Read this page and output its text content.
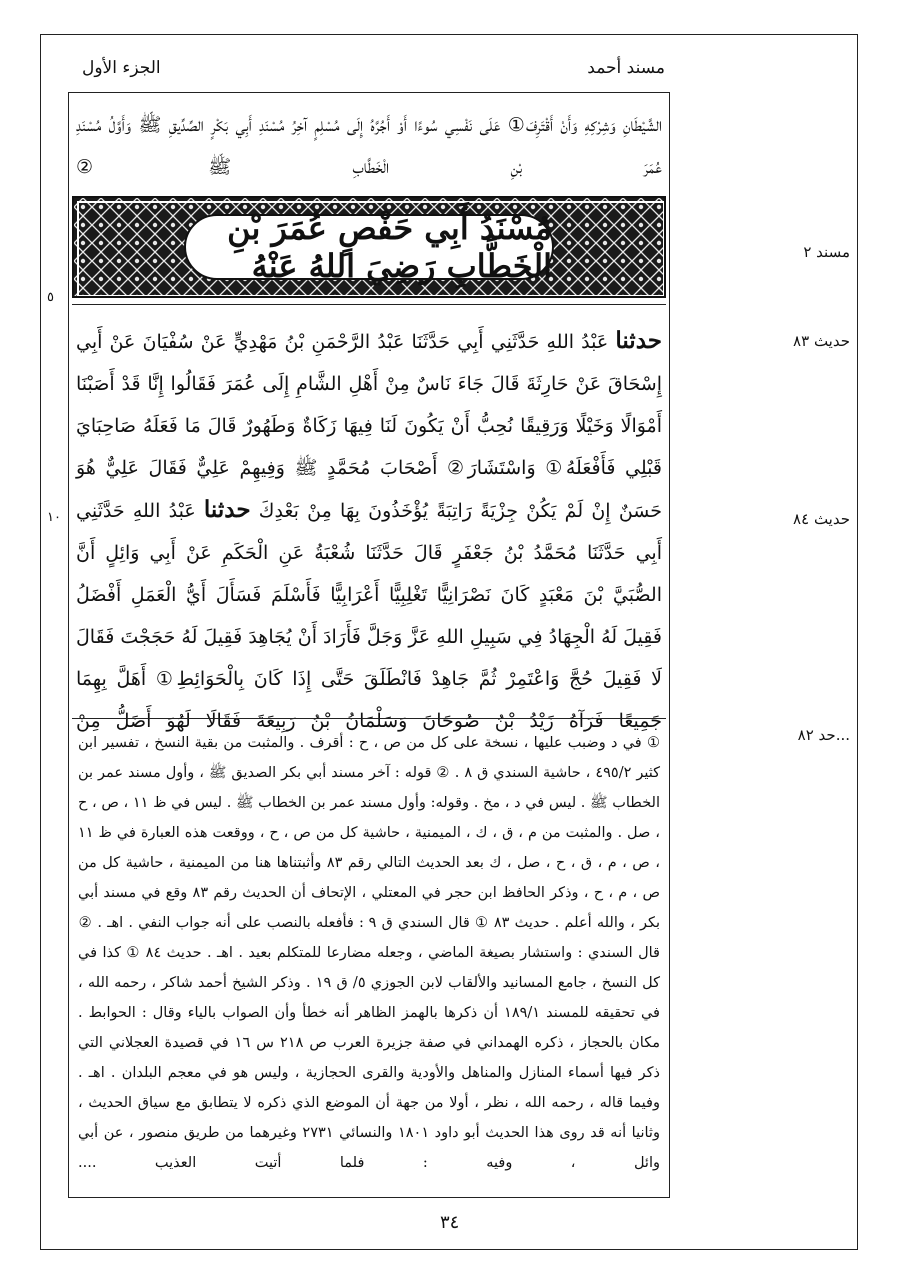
مسند أحمد
الجزء الأول
الشَّيْطَانِ وَشِرْكِهِ وَأَنْ أَقْتَرِفَ① عَلَى نَفْسِي سُوءًا أَوْ أَجُرَّهُ إِلَى مُسْلِمٍ آخِرُ مُسْنَدِ أَبِي بَكْرٍ الصِّدِّيقِ ﷺ وَأَوَّلُ مُسْنَدِ عُمَرَ بْنِ الْخَطَّابِ ﷺ②
مُسْنَدُ أَبِي حَفْصٍ عُمَرَ بْنِ الْخَطَّابِ رَضِيَ اللهُ عَنْهُ
حدثنا عَبْدُ اللهِ حَدَّثَنِي أَبِي حَدَّثَنَا عَبْدُ الرَّحْمَنِ بْنُ مَهْدِيٍّ عَنْ سُفْيَانَ عَنْ أَبِي إِسْحَاقَ عَنْ حَارِثَةَ قَالَ جَاءَ نَاسٌ مِنْ أَهْلِ الشَّامِ إِلَى عُمَرَ فَقَالُوا إِنَّا قَدْ أَصَبْنَا أَمْوَالًا وَخَيْلًا وَرَقِيقًا نُحِبُّ أَنْ يَكُونَ لَنَا فِيهَا زَكَاةٌ وَطَهُورٌ قَالَ مَا فَعَلَهُ صَاحِبَايَ قَبْلِي فَأَفْعَلَهُ① وَاسْتَشَارَ② أَصْحَابَ مُحَمَّدٍ ﷺ وَفِيهِمْ عَلِيٌّ فَقَالَ عَلِيٌّ هُوَ حَسَنٌ إِنْ لَمْ يَكُنْ جِزْيَةً رَاتِبَةً يُؤْخَذُونَ بِهَا مِنْ بَعْدِكَ حدثنا عَبْدُ اللهِ حَدَّثَنِي أَبِي حَدَّثَنَا مُحَمَّدُ بْنُ جَعْفَرٍ قَالَ حَدَّثَنَا شُعْبَةُ عَنِ الْحَكَمِ عَنْ أَبِي وَائِلٍ أَنَّ الصُّبَيَّ بْنَ مَعْبَدٍ كَانَ نَصْرَانِيًّا تَغْلِبِيًّا أَعْرَابِيًّا فَأَسْلَمَ فَسَأَلَ أَيُّ الْعَمَلِ أَفْضَلُ فَقِيلَ لَهُ الْجِهَادُ فِي سَبِيلِ اللهِ عَزَّ وَجَلَّ فَأَرَادَ أَنْ يُجَاهِدَ فَقِيلَ لَهُ حَجَجْتَ فَقَالَ لَا فَقِيلَ حُجَّ وَاعْتَمِرْ ثُمَّ جَاهِدْ فَانْطَلَقَ حَتَّى إِذَا كَانَ بِالْحَوَائِطِ① أَهَلَّ بِهِمَا جَمِيعًا فَرَآهُ زَيْدُ بْنُ صُوحَانَ وَسَلْمَانُ بْنُ رَبِيعَةَ فَقَالَا لَهُوَ أَضَلُّ مِنْ
① في د وضبب عليها ، نسخة على كل من ص ، ح : أقرف . والمثبت من بقية النسخ ، تفسير ابن كثير ٤٩٥/٢ ، حاشية السندي ق ٨ . ② قوله : آخر مسند أبي بكر الصديق ﷺ ، وأول مسند عمر بن الخطاب ﷺ . ليس في د ، مخ . وقوله: وأول مسند عمر بن الخطاب ﷺ . ليس في ظ ١١ ، ص ، ح ، صل . والمثبت من م ، ق ، ك ، الميمنية ، حاشية كل من ص ، ح ، ووقعت هذه العبارة في ظ ١١ ، ص ، م ، ق ، ح ، صل ، ك بعد الحديث التالي رقم ٨٣ وأثبتناها هنا من الميمنية ، حاشية كل من ص ، م ، ح ، وذكر الحافظ ابن حجر في المعتلي ، الإتحاف أن الحديث رقم ٨٣ وقع في مسند أبي بكر ، والله أعلم . حديث ٨٣ ① قال السندي ق ٩ : فأفعله بالنصب على أنه جواب النفي . اهـ . ② قال السندي : واستشار بصيغة الماضي ، وجعله مضارعا للمتكلم بعيد . اهـ . حديث ٨٤ ① كذا في كل النسخ ، جامع المسانيد والألقاب لابن الجوزي ٥/ ق ١٩ . وذكر الشيخ أحمد شاكر ، رحمه الله ، في تحقيقه للمسند ١٨٩/١ أن ذكرها بالهمز الظاهر أنه خطأ وأن الصواب بالياء وقال : الحوابط . مكان بالحجاز ، ذكره الهمداني في صفة جزيرة العرب ص ٢١٨ س ١٦ في قصيدة العجلاني التي ذكر فيها أسماء المنازل والمناهل والأودية والقرى الحجازية ، وليس هو في معجم البلدان . اهـ . وفيما قاله ، رحمه الله ، نظر ، أولا من جهة أن الموضع الذي ذكره لا يتطابق مع سياق الحديث ، وثانيا أنه قد روى هذا الحديث أبو داود ١٨٠١ والنسائي ٢٧٣١ وغيرهما من طريق منصور ، عن أبي وائل ، وفيه : فلما أتيت العذيب ....
مسند ٢
حديث ٨٣
حديث ٨٤
...حد ٨٢
٥
١٠
٣٤
